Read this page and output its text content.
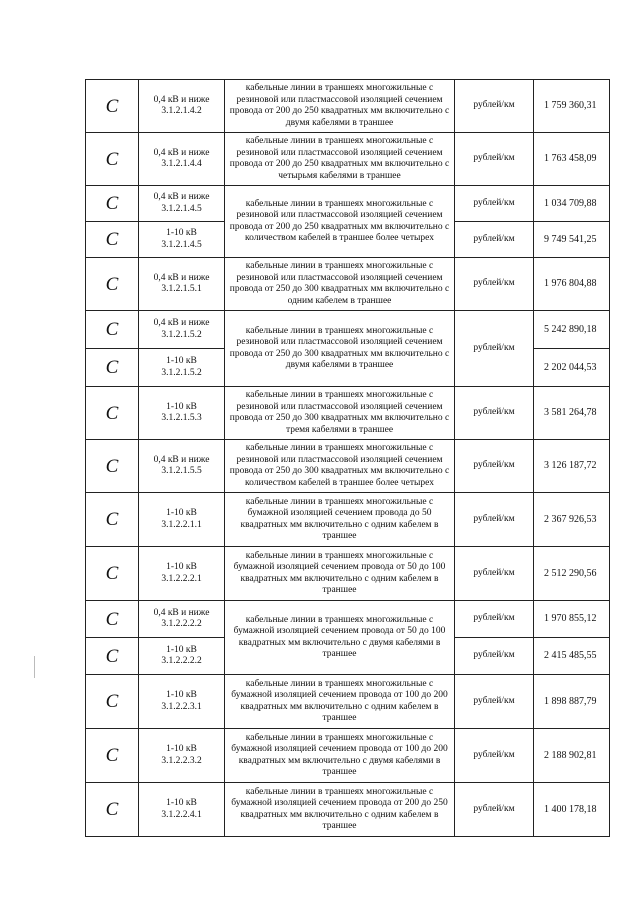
С	0,4 кВ и ниже
3.1.2.1.4.2	кабельные линии в траншеях многожильные с
резиновой или пластмассовой изоляцией сечением
провода от 200 до 250 квадратных мм включительно с
двумя кабелями в траншее	рублей/км	1 759 360,31
С	0,4 кВ и ниже
3.1.2.1.4.4	кабельные линии в траншеях многожильные с
резиновой или пластмассовой изоляцией сечением
провода от 200 до 250 квадратных мм включительно с
четырьмя кабелями в траншее	рублей/км	1 763 458,09
С	0,4 кВ и ниже
3.1.2.1.4.5	кабельные линии в траншеях многожильные с
резиновой или пластмассовой изоляцией сечением
провода от 200 до 250 квадратных мм включительно с
количеством кабелей в траншее более четырех	рублей/км	1 034 709,88
С	1-10 кВ
3.1.2.1.4.5		рублей/км	9 749 541,25
С	0,4 кВ и ниже
3.1.2.1.5.1	кабельные линии в траншеях многожильные с
резиновой или пластмассовой изоляцией сечением
провода от 250 до 300 квадратных мм включительно с
одним кабелем в траншее	рублей/км	1 976 804,88
С	0,4 кВ и ниже
3.1.2.1.5.2	кабельные линии в траншеях многожильные с
резиновой или пластмассовой изоляцией сечением
провода от 250 до 300 квадратных мм включительно с
двумя кабелями в траншее	рублей/км	5 242 890,18
С	1-10 кВ
3.1.2.1.5.2			2 202 044,53
С	1-10 кВ
3.1.2.1.5.3	кабельные линии в траншеях многожильные с
резиновой или пластмассовой изоляцией сечением
провода от 250 до 300 квадратных мм включительно с
тремя кабелями в траншее	рублей/км	3 581 264,78
С	0,4 кВ и ниже
3.1.2.1.5.5	кабельные линии в траншеях многожильные с
резиновой или пластмассовой изоляцией сечением
провода от 250 до 300 квадратных мм включительно с
количеством кабелей в траншее более четырех	рублей/км	3 126 187,72
С	1-10 кВ
3.1.2.2.1.1	кабельные линии в траншеях многожильные с
бумажной изоляцией сечением провода до 50
квадратных мм включительно с одним кабелем в
траншее	рублей/км	2 367 926,53
С	1-10 кВ
3.1.2.2.2.1	кабельные линии в траншеях многожильные с
бумажной изоляцией сечением провода от 50 до 100
квадратных мм включительно с одним кабелем в
траншее	рублей/км	2 512 290,56
С	0,4 кВ и ниже
3.1.2.2.2.2	кабельные линии в траншеях многожильные с
бумажной изоляцией сечением провода от 50 до 100
квадратных мм включительно с двумя кабелями в
траншее	рублей/км	1 970 855,12
С	1-10 кВ
3.1.2.2.2.2		рублей/км	2 415 485,55
С	1-10 кВ
3.1.2.2.3.1	кабельные линии в траншеях многожильные с
бумажной изоляцией сечением провода от 100 до 200
квадратных мм включительно с одним кабелем в
траншее	рублей/км	1 898 887,79
С	1-10 кВ
3.1.2.2.3.2	кабельные линии в траншеях многожильные с
бумажной изоляцией сечением провода от 100 до 200
квадратных мм включительно с двумя кабелями в
траншее	рублей/км	2 188 902,81
С	1-10 кВ
3.1.2.2.4.1	кабельные линии в траншеях многожильные с
бумажной изоляцией сечением провода от 200 до 250
квадратных мм включительно с одним кабелем в
траншее	рублей/км	1 400 178,18
